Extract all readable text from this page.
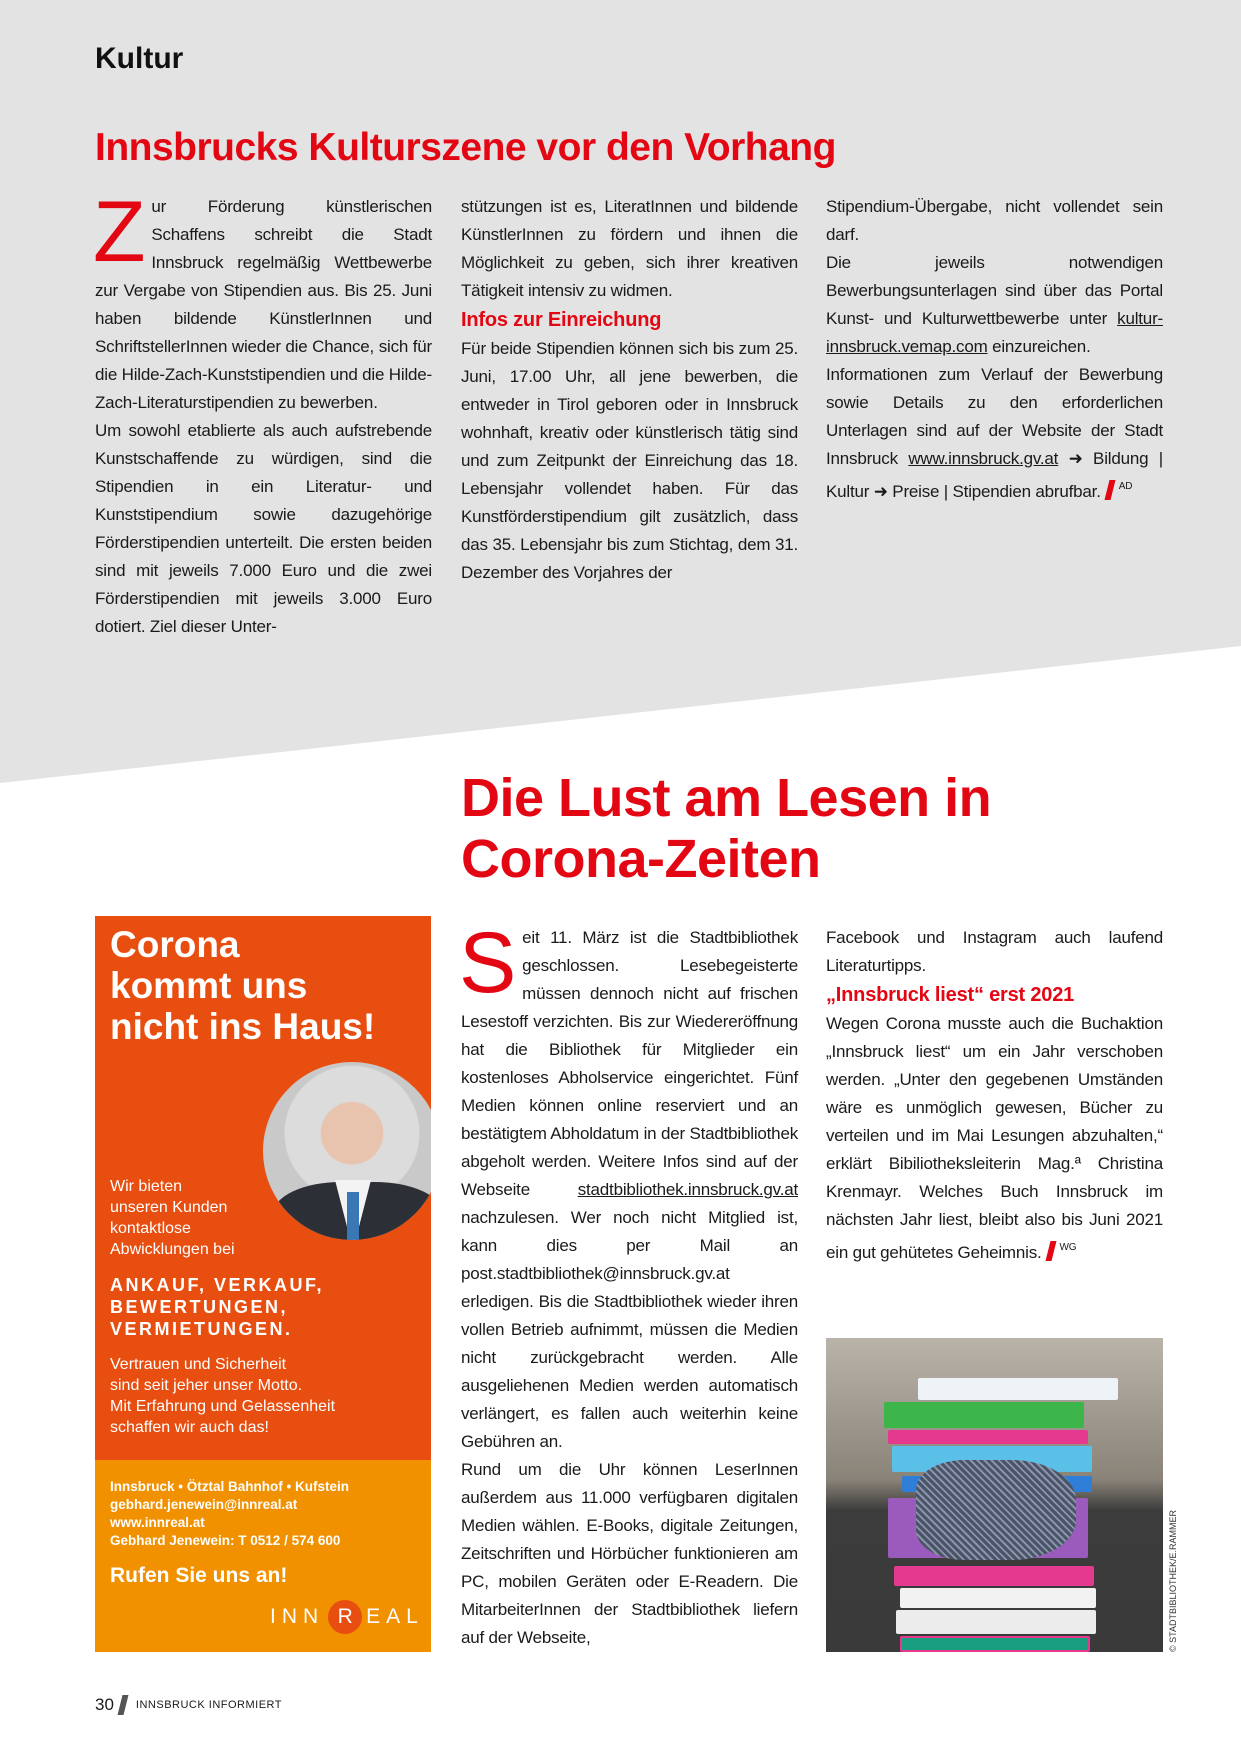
Kultur
Innsbrucks Kulturszene vor den Vorhang

Zur Förderung künstlerischen Schaffens schreibt die Stadt Innsbruck regelmäßig Wettbewerbe zur Vergabe von Stipendien aus. Bis 25. Juni haben bildende KünstlerInnen und SchriftstellerInnen wieder die Chance, sich für die Hilde-Zach-Kunststipendien und die Hilde-Zach-Literaturstipendien zu bewerben.

Um sowohl etablierte als auch aufstrebende Kunstschaffende zu würdigen, sind die Stipendien in ein Literatur- und Kunststipendium sowie dazugehörige Förderstipendien unterteilt. Die ersten beiden sind mit jeweils 7.000 Euro und die zwei Förderstipendien mit jeweils 3.000 Euro dotiert. Ziel dieser Unter-

stützungen ist es, LiteratInnen und bildende KünstlerInnen zu fördern und ihnen die Möglichkeit zu geben, sich ihrer kreativen Tätigkeit intensiv zu widmen.

Infos zur Einreichung

Für beide Stipendien können sich bis zum 25. Juni, 17.00 Uhr, all jene bewerben, die entweder in Tirol geboren oder in Innsbruck wohnhaft, kreativ oder künstlerisch tätig sind und zum Zeitpunkt der Einreichung das 18. Lebensjahr vollendet haben. Für das Kunstförderstipendium gilt zusätzlich, dass das 35. Lebensjahr bis zum Stichtag, dem 31. Dezember des Vorjahres der

Stipendium-Übergabe, nicht vollendet sein darf.

Die jeweils notwendigen Bewerbungsunterlagen sind über das Portal Kunst- und Kulturwettbewerbe unter kultur-innsbruck.vemap.com einzureichen.

Informationen zum Verlauf der Bewerbung sowie Details zu den erforderlichen Unterlagen sind auf der Website der Stadt Innsbruck www.innsbruck.gv.at ➜ Bildung | Kultur ➜ Preise | Stipendien abrufbar. $^{AD}$

Die Lust am Lesen in
Corona-Zeiten
Corona
kommt uns
nicht ins Haus!
Wir bieten
unseren Kunden
kontaktlose
Abwicklungen bei
ANKAUF, VERKAUF,
BEWERTUNGEN,
VERMIETUNGEN.
Vertrauen und Sicherheit
sind seit jeher unser Motto.
Mit Erfahrung und Gelassenheit
schaffen wir auch das!
Innsbruck • Ötztal Bahnhof • Kufstein
gebhard.jenewein@innreal.at
www.innreal.at
Gebhard Jenewein: T 0512 / 574 600
Rufen Sie uns an!
INN R EAL

Seit 11. März ist die Stadtbibliothek geschlossen. Lesebegeisterte müssen dennoch nicht auf frischen Lesestoff verzichten. Bis zur Wiedereröffnung hat die Bibliothek für Mitglieder ein kostenloses Abholservice eingerichtet. Fünf Medien können online reserviert und an bestätigtem Abholdatum in der Stadtbibliothek abgeholt werden. Weitere Infos sind auf der Webseite stadtbibliothek.innsbruck.gv.at nachzulesen. Wer noch nicht Mitglied ist, kann dies per Mail an post.stadtbibliothek@innsbruck.gv.at erledigen. Bis die Stadtbibliothek wieder ihren vollen Betrieb aufnimmt, müssen die Medien nicht zurückgebracht werden. Alle ausgeliehenen Medien werden automatisch verlängert, es fallen auch weiterhin keine Gebühren an.

Rund um die Uhr können LeserInnen außerdem aus 11.000 verfügbaren digitalen Medien wählen. E-Books, digitale Zeitungen, Zeitschriften und Hörbücher funktionieren am PC, mobilen Geräten oder E-Readern. Die MitarbeiterInnen der Stadtbibliothek liefern auf der Webseite,

Facebook und Instagram auch laufend Literaturtipps.

„Innsbruck liest“ erst 2021

Wegen Corona musste auch die Buchaktion „Innsbruck liest“ um ein Jahr verschoben werden. „Unter den gegebenen Umständen wäre es unmöglich gewesen, Bücher zu verteilen und im Mai Lesungen abzuhalten,“ erklärt Bibiliotheksleiterin Mag.ª Christina Krenmayr. Welches Buch Innsbruck im nächsten Jahr liest, bleibt also bis Juni 2021 ein gut gehütetes Geheimnis. $^{WG}$

© STADTBIBLIOTHEK/E.RAMMER
30 INNSBRUCK INFORMIERT
